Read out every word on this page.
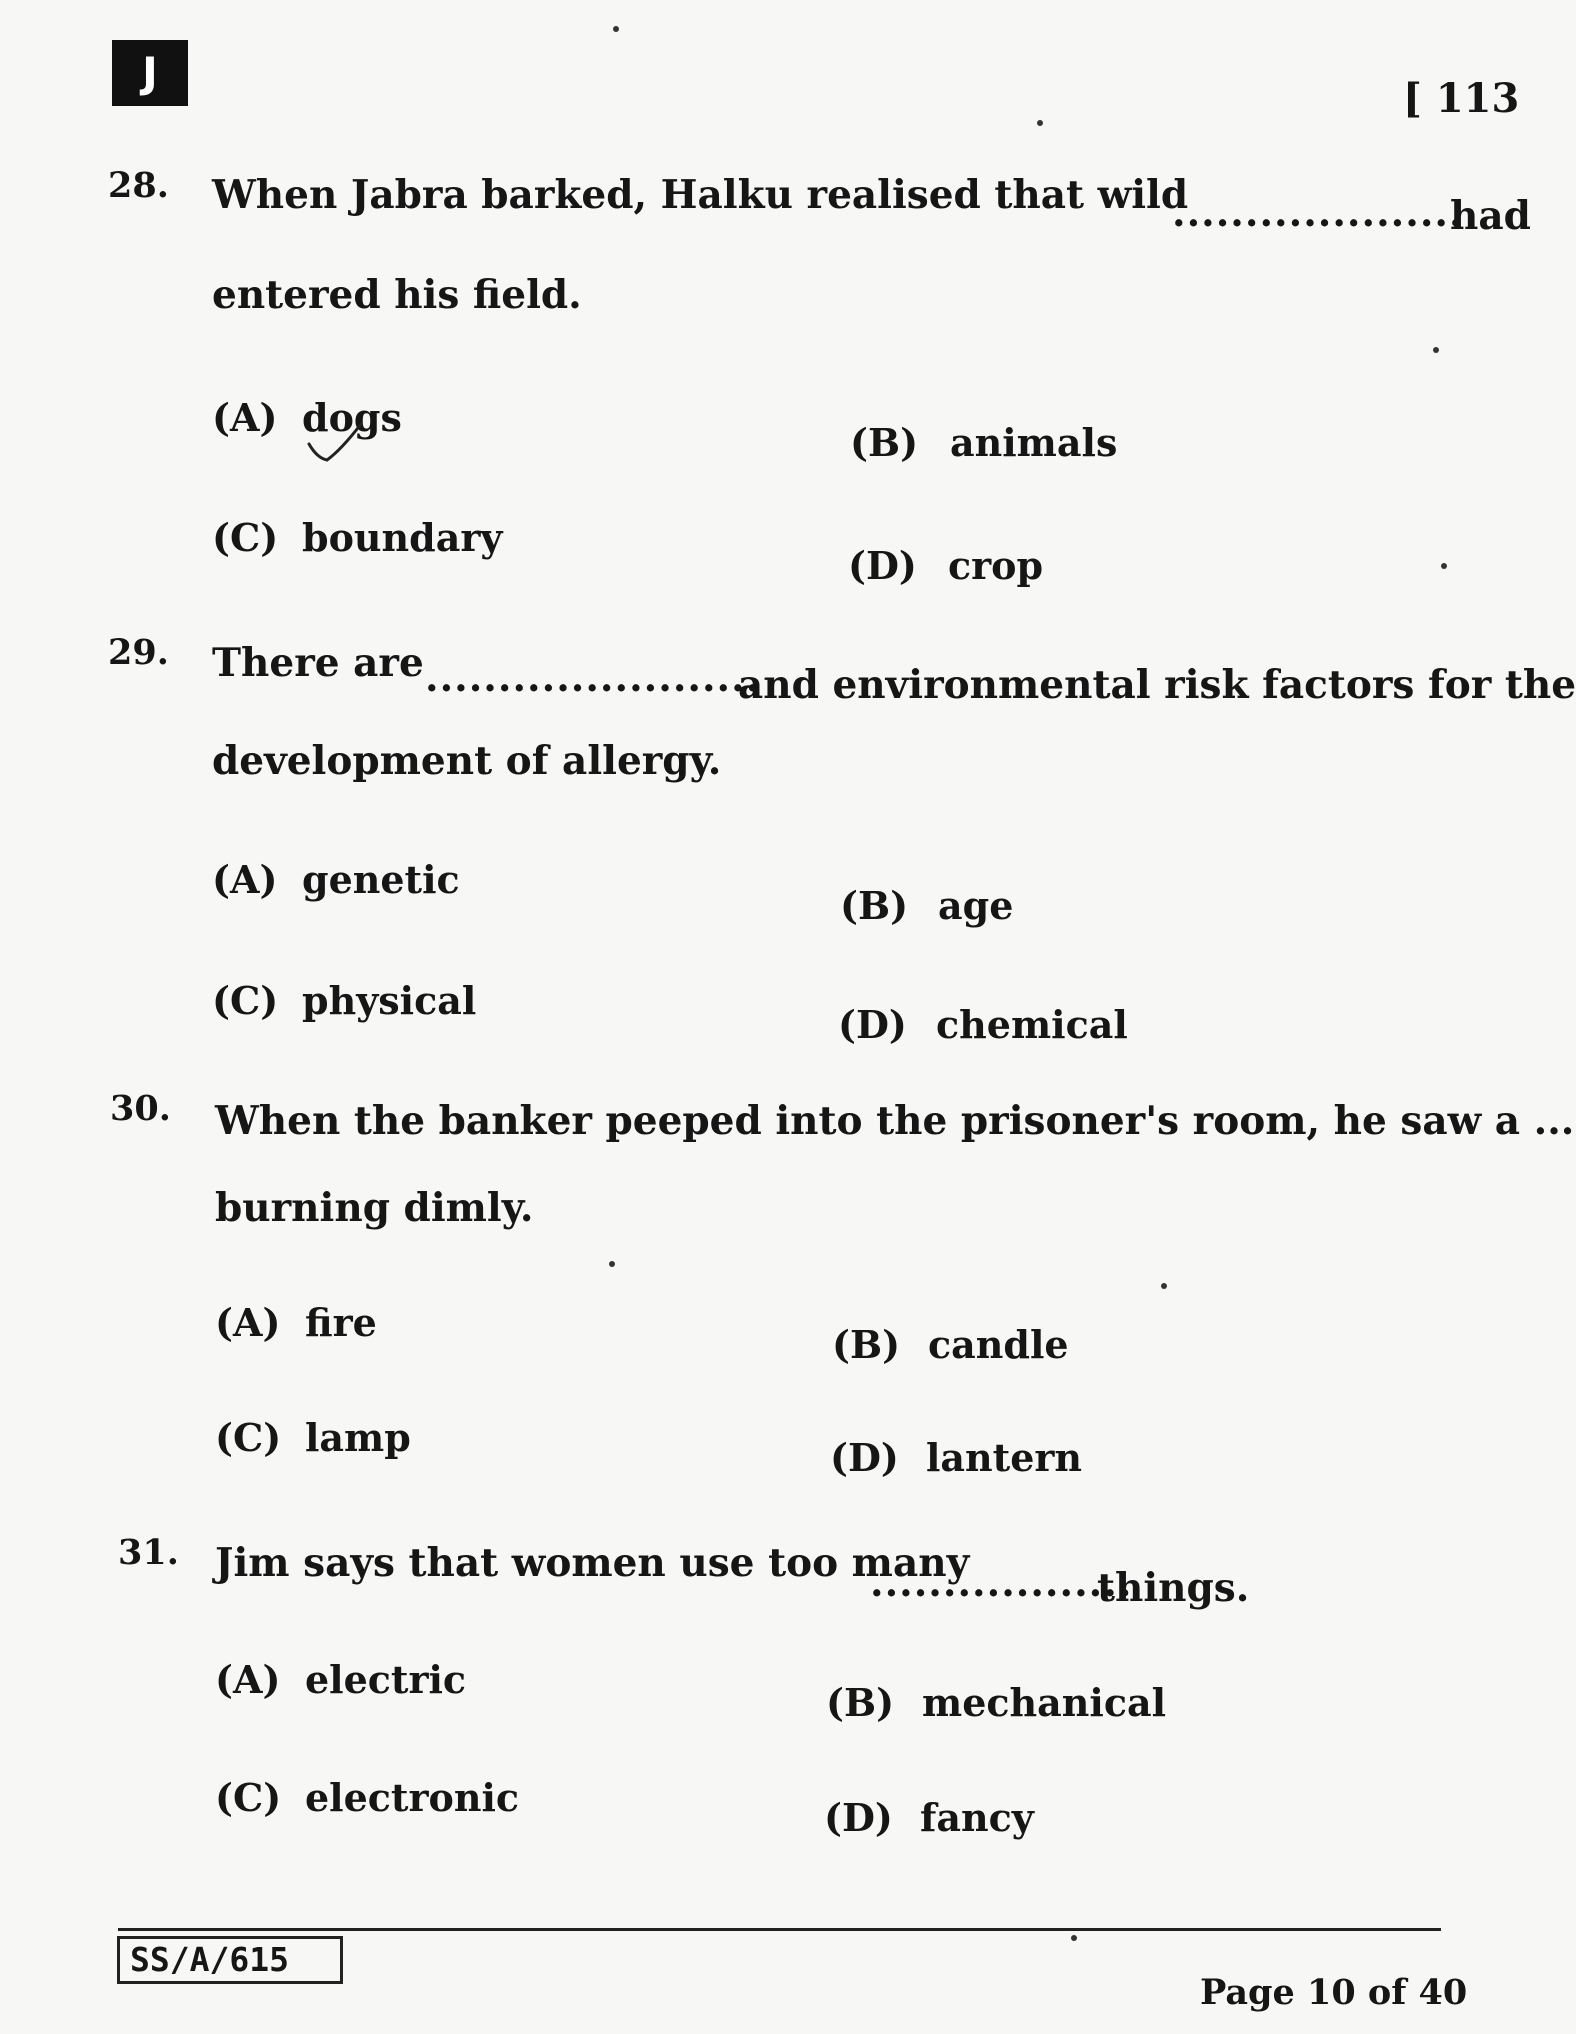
J
[ 113
28. When Jabra barked, Halku realised that wild
....................
had
entered his field.
(A) dogs
(B) animals
(C) boundary
(D) crop
29. There are .......................
and environmental risk factors for the
development of allergy.
(A) genetic
(B) age
(C) physical
(D) chemical
30. When the banker peeped into the prisoner's room, he saw a ...
burning dimly.
(A) fire	(B) candle
(C) lamp	(D) lantern
31. Jim says that women use too many
..................
things.
(A) electric
(B) mechanical
(C) electronic	(D) fancy
SS/A/615
Page 10 of 40
